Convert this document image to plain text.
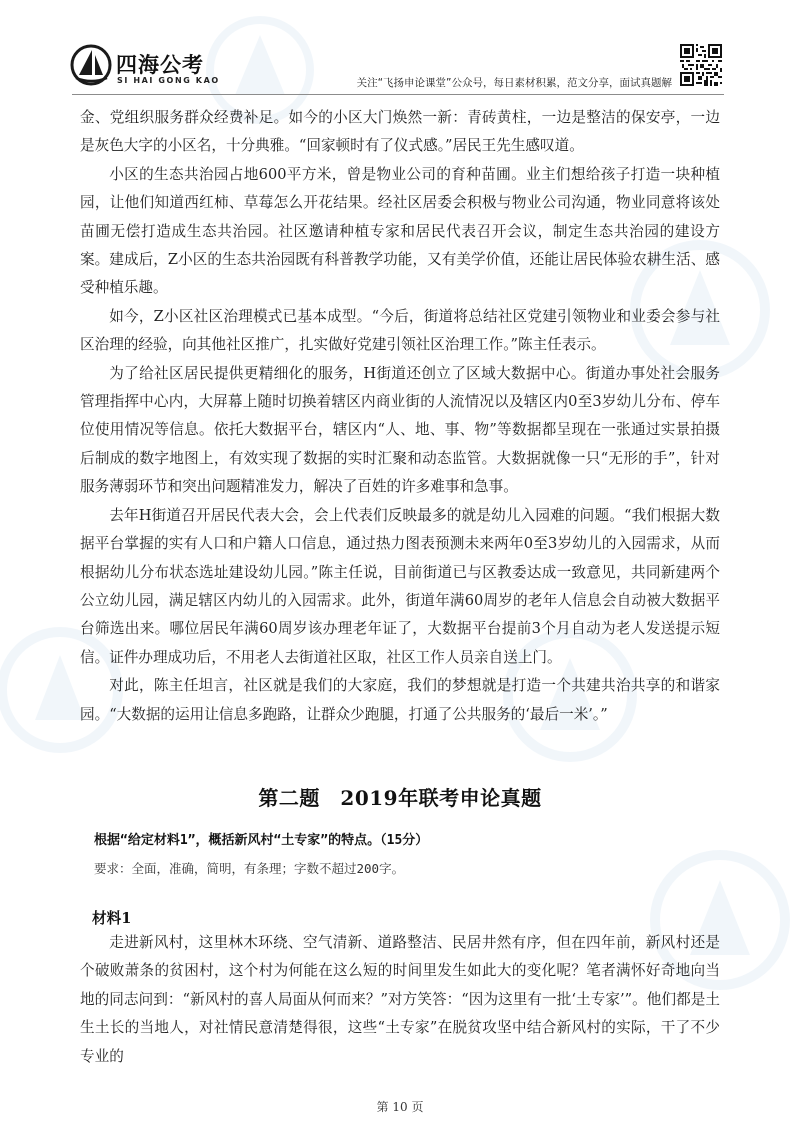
四海公考
SI HAI GONG KAO	关注“飞扬申论课堂”公众号，每日素材积累，范文分享，面试真题解

金、党组织服务群众经费补足。如今的小区大门焕然一新：青砖黄柱，一边是整洁的保安亭，一边是灰色大字的小区名，十分典雅。“回家顿时有了仪式感。”居民王先生感叹道。

小区的生态共治园占地600平方米，曾是物业公司的育种苗圃。业主们想给孩子打造一块种植园，让他们知道西红柿、草莓怎么开花结果。经社区居委会积极与物业公司沟通，物业同意将该处苗圃无偿打造成生态共治园。社区邀请种植专家和居民代表召开会议，制定生态共治园的建设方案。建成后，Z小区的生态共治园既有科普教学功能，又有美学价值，还能让居民体验农耕生活、感受种植乐趣。

如今，Z小区社区治理模式已基本成型。“今后，街道将总结社区党建引领物业和业委会参与社区治理的经验，向其他社区推广，扎实做好党建引领社区治理工作。”陈主任表示。

为了给社区居民提供更精细化的服务，H街道还创立了区域大数据中心。街道办事处社会服务管理指挥中心内，大屏幕上随时切换着辖区内商业街的人流情况以及辖区内0至3岁幼儿分布、停车位使用情况等信息。依托大数据平台，辖区内“人、地、事、物”等数据都呈现在一张通过实景拍摄后制成的数字地图上，有效实现了数据的实时汇聚和动态监管。大数据就像一只“无形的手”，针对服务薄弱环节和突出问题精准发力，解决了百姓的许多难事和急事。

去年H街道召开居民代表大会，会上代表们反映最多的就是幼儿入园难的问题。“我们根据大数据平台掌握的实有人口和户籍人口信息，通过热力图表预测未来两年0至3岁幼儿的入园需求，从而根据幼儿分布状态选址建设幼儿园。”陈主任说，目前街道已与区教委达成一致意见，共同新建两个公立幼儿园，满足辖区内幼儿的入园需求。此外，街道年满60周岁的老年人信息会自动被大数据平台筛选出来。哪位居民年满60周岁该办理老年证了，大数据平台提前3个月自动为老人发送提示短信。证件办理成功后，不用老人去街道社区取，社区工作人员亲自送上门。

对此，陈主任坦言，社区就是我们的大家庭，我们的梦想就是打造一个共建共治共享的和谐家园。“大数据的运用让信息多跑路，让群众少跑腿，打通了公共服务的‘最后一米’。”

第二题　2019年联考申论真题
根据“给定材料1”，概括新风村“土专家”的特点。（15分）
要求：全面，准确，简明，有条理；字数不超过200字。
材料1

走进新风村，这里林木环绕、空气清新、道路整洁、民居井然有序，但在四年前，新风村还是个破败萧条的贫困村，这个村为何能在这么短的时间里发生如此大的变化呢？笔者满怀好奇地向当地的同志问到：“新风村的喜人局面从何而来？”对方笑答：“因为这里有一批‘土专家’”。他们都是土生土长的当地人，对社情民意清楚得很，这些“土专家”在脱贫攻坚中结合新风村的实际，干了不少专业的

第 10 页
